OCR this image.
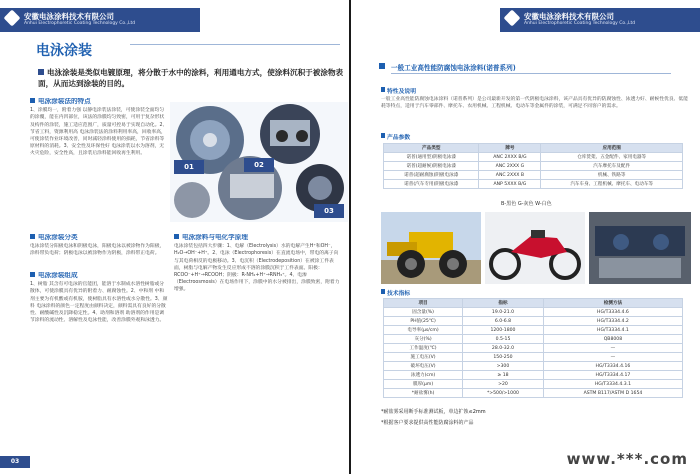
安徽电泳涂料技术有限公司
Anhui Electrophoretic Coating Technology Co.,Ltd
电泳涂装
电泳涂装是类似电镀原理，将分散于水中的涂料，利用通电方式，使涂料沉积于被涂物表面，从而达到涂装的目的。
电泳涂装法的特点
1、涂膜均一，附着力强 以静电涂装法涂装，可使涂装全面均匀的涂覆，能在内凹部位，该法的涂膜均匀致密，可用于复杂形状及构件的涂装，施工适应范围广，质量可控易于实现自动化。2、节省工料，资源利用高 电泳涂装法的涂料利用率高，回收率高，可使涂装作业环境改善，同时减轻涂料使用的损耗，节省涂料等原材料的消耗。3、安全性及环保性好 电泳涂装以水为溶剂，无火灾危险，安全性高，且涂装后涂料能回收再生利用。
01	02
03
电泳涂装分类
电泳涂装分阳极电泳和阴极电泳，阳极电泳以被涂物作为阳极，涂料带负电荷；阴极电泳以被涂物作为阴极，涂料带正电荷。
电泳涂装组成
1、树脂 其含有可电泳的官能团，能溶于水制成水溶性树脂或分散体，可使涂膜具有优异的附着力、耐腐蚀性。2、中和剂 中和剂主要为有机酸或有机胺，使树脂具有水溶性或水分散性。3、颜料 电泳涂料的颜色一定程度由颜料决定，颜料需具有良好的分散性、耐酸碱性及沉降稳定性。4、助剂和溶剂 助溶剂的作用是调节涂料的流动性、溶解性及电泳性能，改善涂膜外观和泳透力。
电泳涂料与电化学原理
电泳涂装包括四大步骤：1、电解（Electrolysis）水的电解产生H⁺和OH⁻，H₂O→OH⁻+H⁺。2、电泳（Electrophoresis）在直流电场中，带电的离子向与其电荷相反的电极移动。3、电沉积（Electrodeposition）在被涂工件表面，树脂与电解产物发生反应形成不溶的涂膜沉积于工件表面。阳极：RCOO⁻+H⁺→RCOOH；阴极：R-NH₂+H⁺→RNH₃⁺。4、电渗（Electroosmosis）在电场作用下，涂膜中的水分被排出，涂膜致密，附着力增强。
03
安徽电泳涂料技术有限公司
Anhui Electrophoretic Coating Technology Co.,Ltd
一般工业高性能防腐蚀电泳涂料(诺普系列)
特性及说明
一般工业高性能防腐蚀电泳涂料（诺普系列）是公司最新开发的第一代阴极电泳涂料，该产品具有优异的防腐蚀性、泳透力好、耐候性优良、低能耗等特点，适用于汽车零部件、摩托车、农用机械、工程机械、电动车等金属件的涂装，可满足不同客户的需求。
产品参数
产品类型	牌号	应用范围
诺普(通用型)阴极电泳漆	ANC 2XXX B/G	仓库货架、五金配件、家用电器等
诺普(超耐候)阴极电泳漆	ANC 2XXX G	汽车摩托车及配件
诺普(超耐腐蚀)阴极电泳漆	ANC 2XXX B	机械、铁路等
诺普(汽车专用)阴极电泳漆	ANP 5XXX B/G	汽车车身、工程机械、摩托车、电动车等
B-黑色 G-灰色 W-白色
技术指标
项目	指标	检测方法
固含量(%)	19.0-21.0	HG/T3334.4.6
PH值(25℃)	6.0-6.8	HG/T3334.4.2
电导率(μs/cm)	1200-1800	HG/T3334.4.1
灰分(%)	0.5-15	QB8008
工作温度(℃)	28.0-32.0	—
施工电压(V)	150-250	—
破坏电压(V)	>300	HG/T3334.4.16
泳透力(cm)	≥ 18	HG/T3334.4.17
膜厚(μm)	>20	HG/T3334.4.3.1
*耐盐雾(h)	*>500/>1000	ASTM B117/ASTM D 1654
*耐盐雾采用断手标准测试板，单边扩蚀≤2mm
*根据客户要求提供高性能防腐涂料的产品
www.***.com
